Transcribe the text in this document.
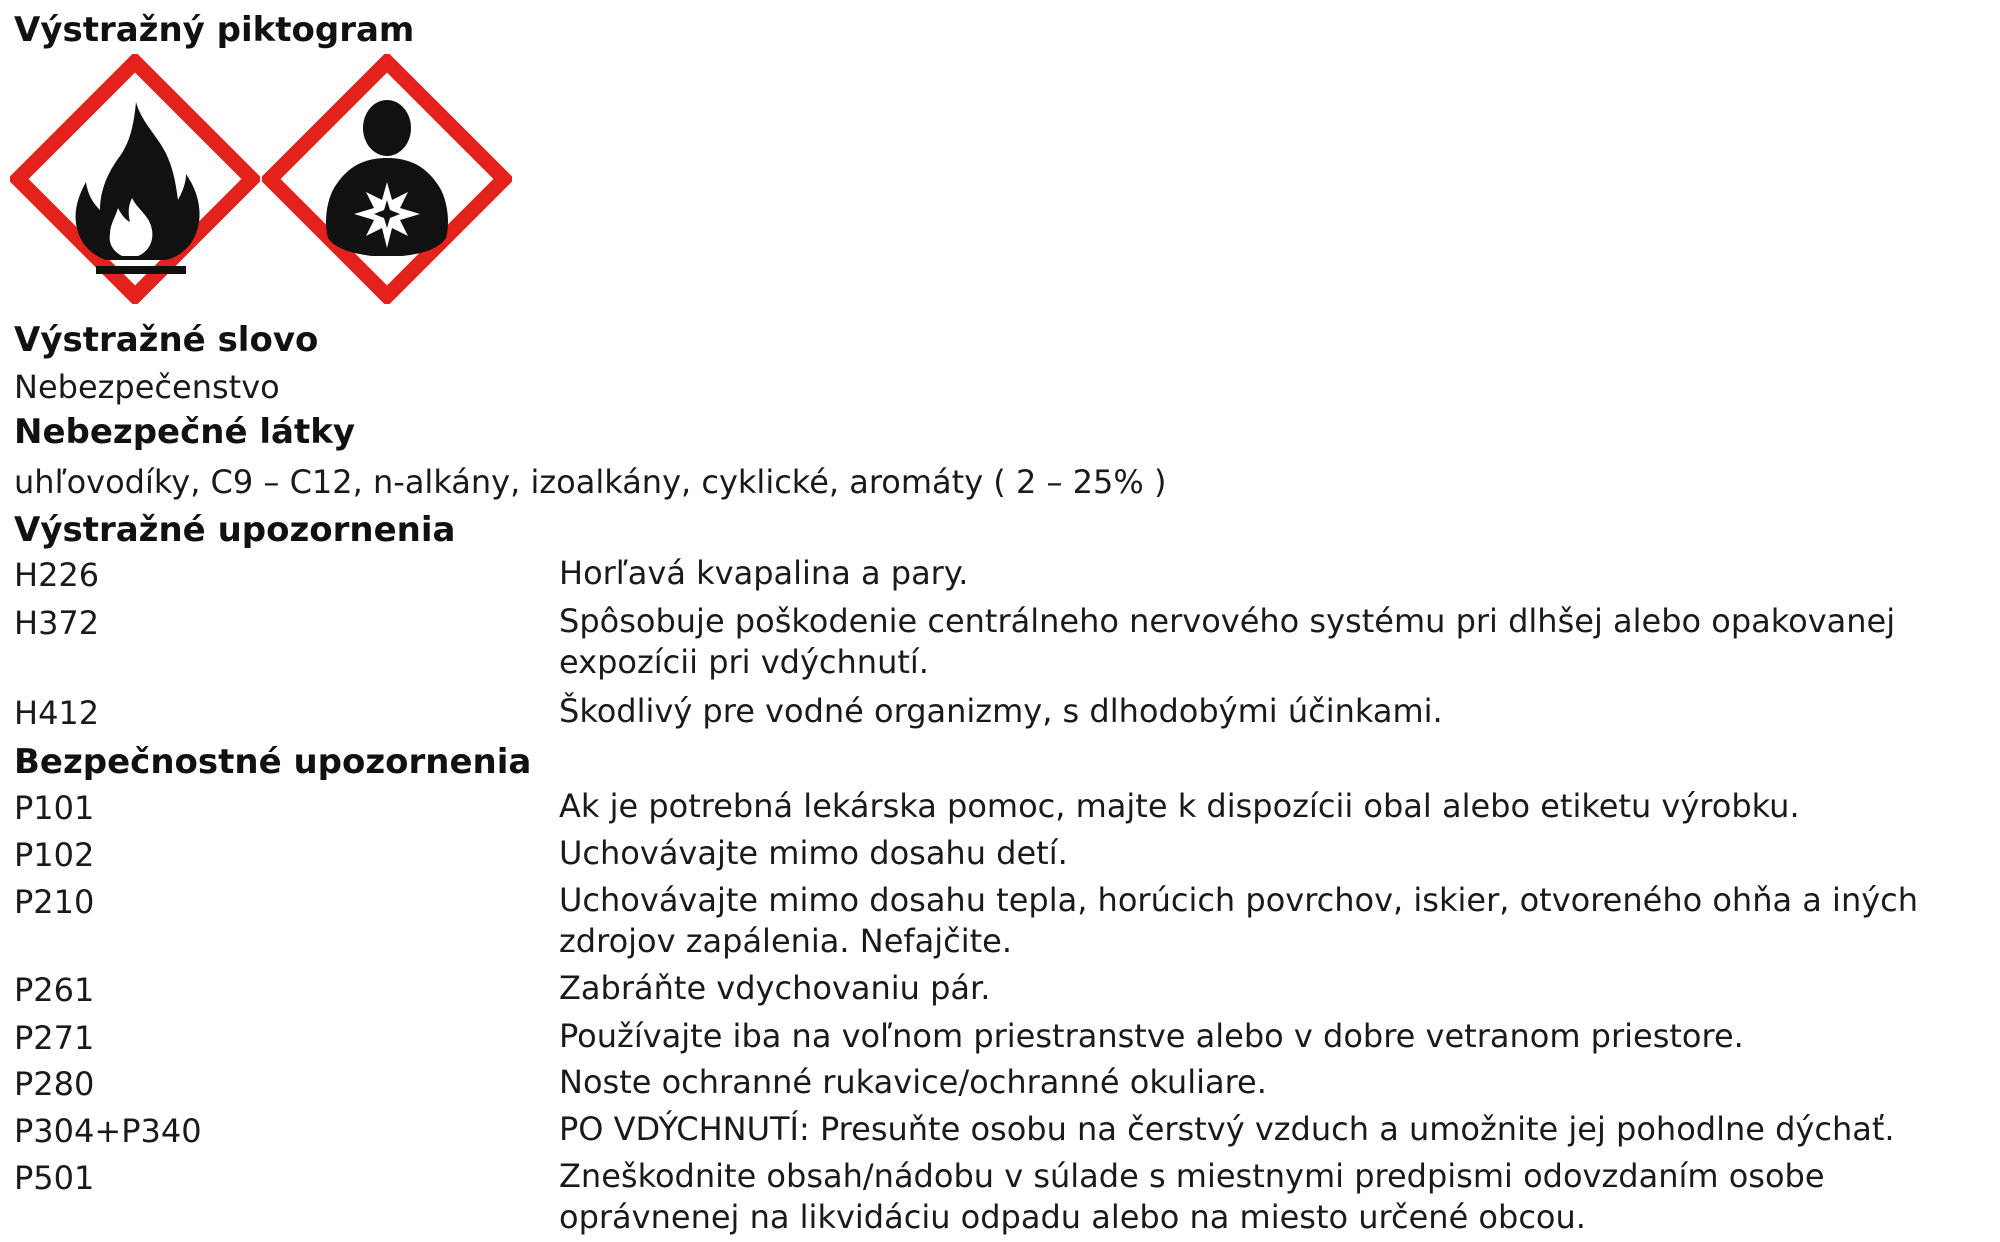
Výstražný piktogram
Výstražné slovo
Nebezpečenstvo
Nebezpečné látky
uhľovodíky, C9 – C12, n-alkány, izoalkány, cyklické, aromáty ( 2 – 25% )
Výstražné upozornenia
H226	Horľavá kvapalina a pary.
H372	Spôsobuje poškodenie centrálneho nervového systému pri dlhšej alebo opakovanej expozícii pri vdýchnutí.
H412	Škodlivý pre vodné organizmy, s dlhodobými účinkami.
Bezpečnostné upozornenia
P101	Ak je potrebná lekárska pomoc, majte k dispozícii obal alebo etiketu výrobku.
P102	Uchovávajte mimo dosahu detí.
P210	Uchovávajte mimo dosahu tepla, horúcich povrchov, iskier, otvoreného ohňa a iných zdrojov zapálenia. Nefajčite.
P261	Zabráňte vdychovaniu pár.
P271	Používajte iba na voľnom priestranstve alebo v dobre vetranom priestore.
P280	Noste ochranné rukavice/ochranné okuliare.
P304+P340	PO VDÝCHNUTÍ: Presuňte osobu na čerstvý vzduch a umožnite jej pohodlne dýchať.
P501	Zneškodnite obsah/nádobu v súlade s miestnymi predpismi odovzdaním osobe oprávnenej na likvidáciu odpadu alebo na miesto určené obcou.
